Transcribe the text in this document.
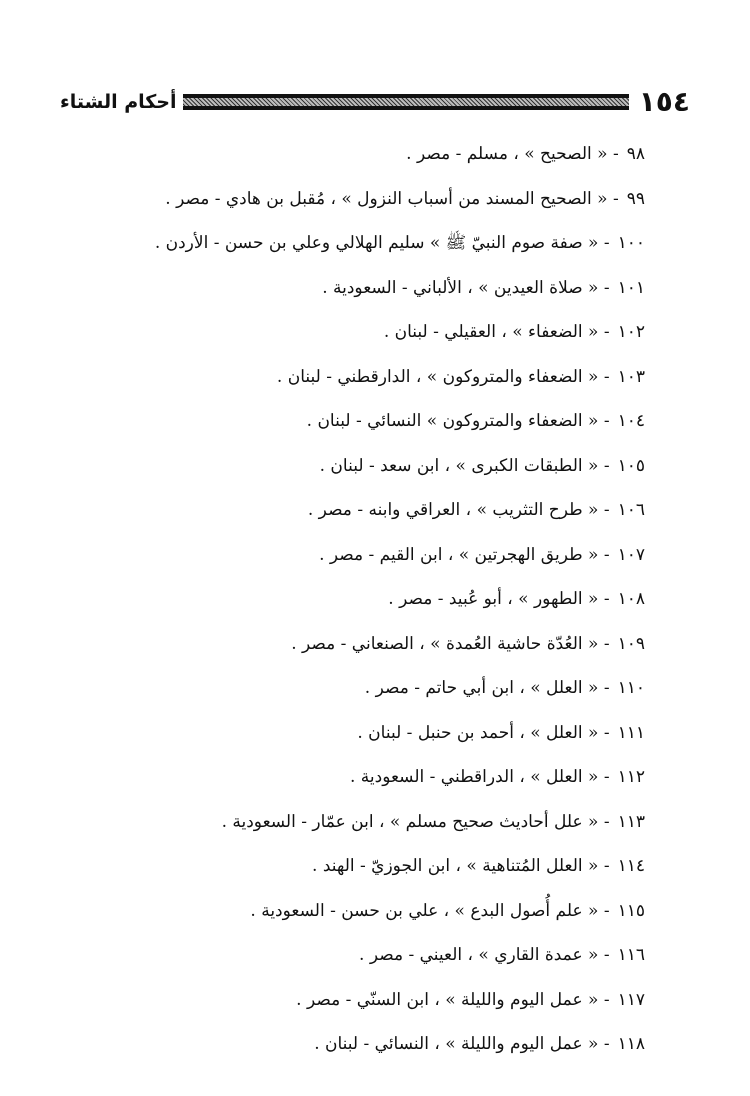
١٥٤
أحكام الشتاء
٩٨- « الصحيح » ، مسلم - مصر .
٩٩- « الصحيح المسند من أسباب النزول » ، مُقبل بن هادي - مصر .
١٠٠- « صفة صوم النبيّ ﷺ » سليم الهلالي وعلي بن حسن - الأردن .
١٠١- « صلاة العيدين » ، الألباني - السعودية .
١٠٢- « الضعفاء » ، العقيلي - لبنان .
١٠٣- « الضعفاء والمتروكون » ، الدارقطني - لبنان .
١٠٤- « الضعفاء والمتروكون » النسائي - لبنان .
١٠٥- « الطبقات الكبرى » ، ابن سعد - لبنان .
١٠٦- « طرح التثريب » ، العراقي وابنه - مصر .
١٠٧- « طريق الهجرتين » ، ابن القيم - مصر .
١٠٨- « الطهور » ، أبو عُبيد - مصر .
١٠٩- « العُدّة حاشية العُمدة » ، الصنعاني - مصر .
١١٠- « العلل » ، ابن أبي حاتم - مصر .
١١١- « العلل » ، أحمد بن حنبل - لبنان .
١١٢- « العلل » ، الدراقطني - السعودية .
١١٣- « علل أحاديث صحيح مسلم » ، ابن عمّار - السعودية .
١١٤- « العلل المُتناهية » ، ابن الجوزيّ - الهند .
١١٥- « علم أُصول البدع » ، علي بن حسن - السعودية .
١١٦- « عمدة القاري » ، العيني - مصر .
١١٧- « عمل اليوم والليلة » ، ابن السنّي - مصر .
١١٨- « عمل اليوم والليلة » ، النسائي - لبنان .
